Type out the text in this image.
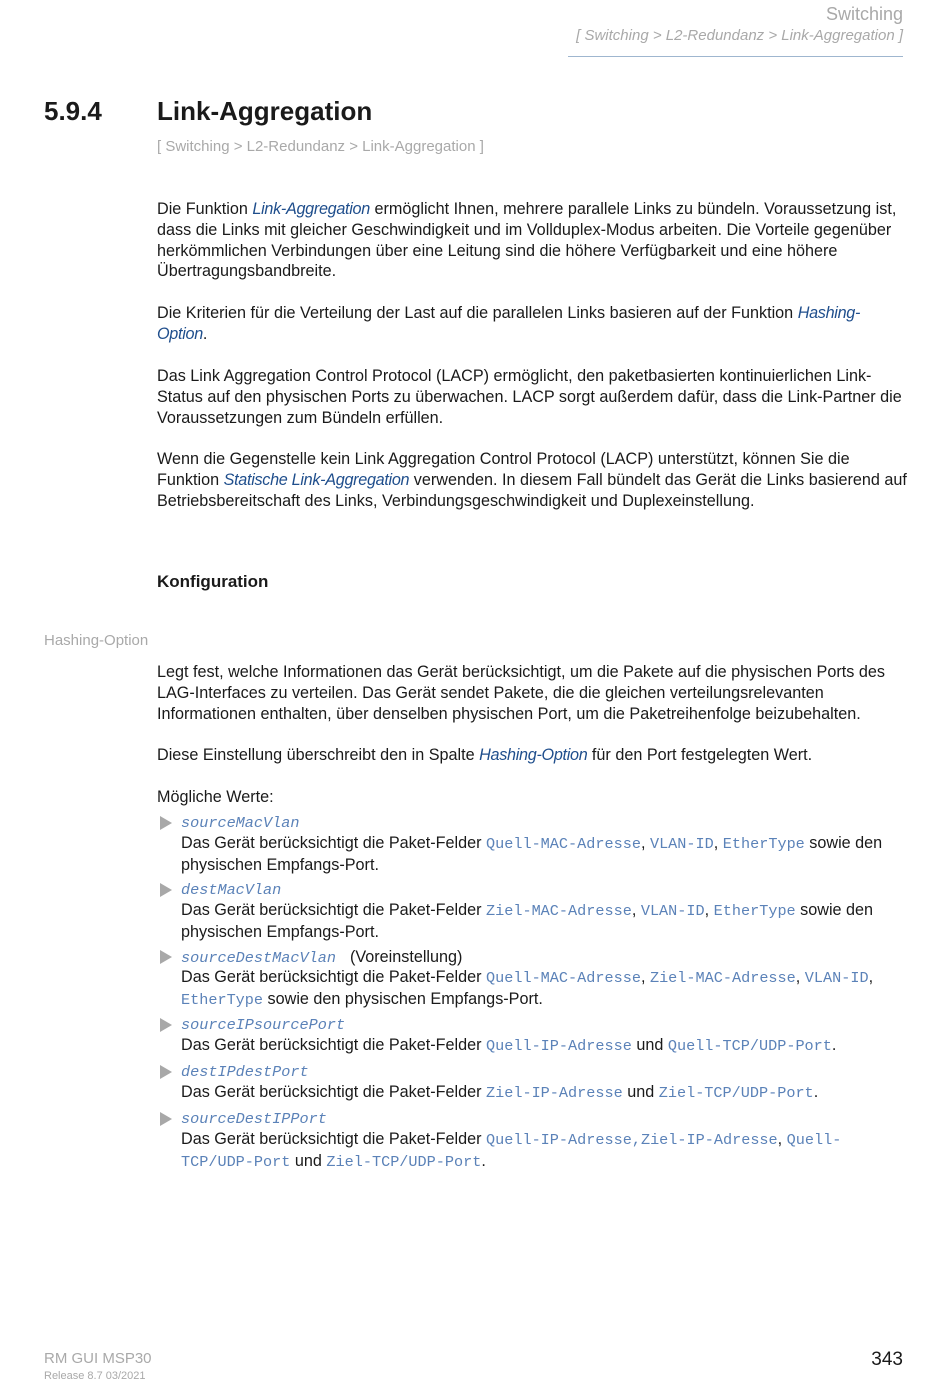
Switching
[ Switching > L2-Redundanz > Link-Aggregation ]
5.9.4 Link-Aggregation
[ Switching > L2-Redundanz > Link-Aggregation ]

Die Funktion Link-Aggregation ermöglicht Ihnen, mehrere parallele Links zu bündeln. Voraussetzung ist, dass die Links mit gleicher Geschwindigkeit und im Vollduplex-Modus arbeiten. Die Vorteile gegenüber herkömmlichen Verbindungen über eine Leitung sind die höhere Verfügbarkeit und eine höhere Übertragungsbandbreite.

Die Kriterien für die Verteilung der Last auf die parallelen Links basieren auf der Funktion Hashing-Option.

Das Link Aggregation Control Protocol (LACP) ermöglicht, den paketbasierten kontinuierlichen Link-Status auf den physischen Ports zu überwachen. LACP sorgt außerdem dafür, dass die Link-Partner die Voraussetzungen zum Bündeln erfüllen.

Wenn die Gegenstelle kein Link Aggregation Control Protocol (LACP) unterstützt, können Sie die Funktion Statische Link-Aggregation verwenden. In diesem Fall bündelt das Gerät die Links basierend auf Betriebsbereitschaft des Links, Verbindungsgeschwindigkeit und Duplexeinstellung.

Konfiguration
Hashing-Option

Legt fest, welche Informationen das Gerät berücksichtigt, um die Pakete auf die physischen Ports des LAG-Interfaces zu verteilen. Das Gerät sendet Pakete, die die gleichen verteilungsrelevanten Informationen enthalten, über denselben physischen Port, um die Paketreihenfolge beizubehalten.

Diese Einstellung überschreibt den in Spalte Hashing-Option für den Port festgelegten Wert.

Mögliche Werte:

sourceMacVlan
Das Gerät berücksichtigt die Paket-Felder Quell-MAC-Adresse, VLAN-ID, EtherType sowie den physischen Empfangs-Port.
destMacVlan
Das Gerät berücksichtigt die Paket-Felder Ziel-MAC-Adresse, VLAN-ID, EtherType sowie den physischen Empfangs-Port.
sourceDestMacVlan (Voreinstellung)
Das Gerät berücksichtigt die Paket-Felder Quell-MAC-Adresse, Ziel-MAC-Adresse, VLAN-ID, EtherType sowie den physischen Empfangs-Port.
sourceIPsourcePort
Das Gerät berücksichtigt die Paket-Felder Quell-IP-Adresse und Quell-TCP/UDP-Port.
destIPdestPort
Das Gerät berücksichtigt die Paket-Felder Ziel-IP-Adresse und Ziel-TCP/UDP-Port.
sourceDestIPPort
Das Gerät berücksichtigt die Paket-Felder Quell-IP-Adresse,Ziel-IP-Adresse, Quell-TCP/UDP-Port und Ziel-TCP/UDP-Port.
RM GUI MSP30
Release 8.7 03/2021
343
